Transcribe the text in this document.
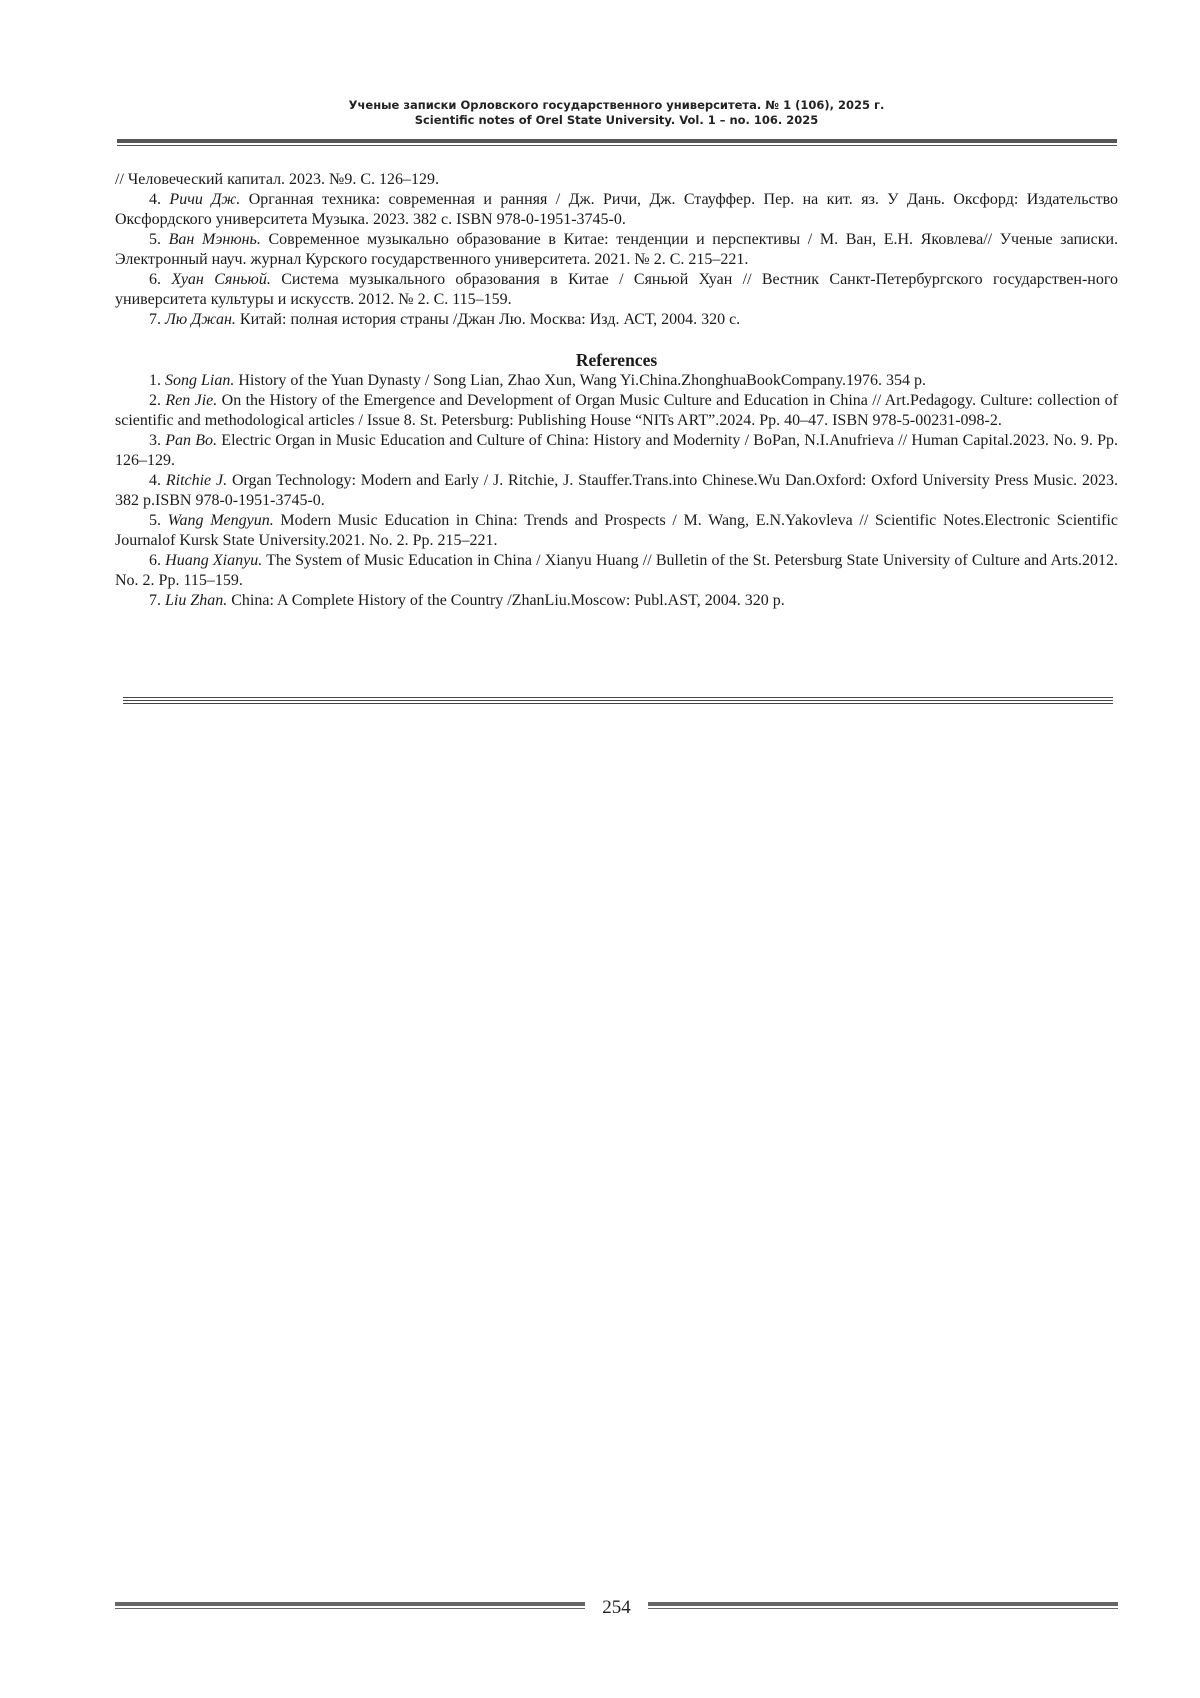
Ученые записки Орловского государственного университета. № 1 (106), 2025 г.
Scientific notes of Orel State University. Vol. 1 – no. 106. 2025

// Человеческий капитал. 2023. №9. С. 126–129.

4. Ричи Дж. Органная техника: современная и ранняя / Дж. Ричи, Дж. Стауффер. Пер. на кит. яз. У Дань. Оксфорд: Издательство Оксфордского университета Музыка. 2023. 382 с. ISBN 978-0-1951-3745-0.

5. Ван Мэнюнь. Современное музыкально образование в Китае: тенденции и перспективы / М. Ван, Е.Н. Яковлева// Ученые записки. Электронный науч. журнал Курского государственного университета. 2021. № 2. С. 215–221.

6. Хуан Сяньюй. Система музыкального образования в Китае / Сяньюй Хуан // Вестник Санкт-Петербургского государствен-ного университета культуры и искусств. 2012. № 2. С. 115–159.

7. Лю Джан. Китай: полная история страны /Джан Лю. Москва: Изд. АСТ, 2004. 320 с.

References

1. Song Lian. History of the Yuan Dynasty / Song Lian, Zhao Xun, Wang Yi.China.ZhonghuaBookCompany.1976. 354 p.

2. Ren Jie. On the History of the Emergence and Development of Organ Music Culture and Education in China // Art.Pedagogy. Culture: collection of scientific and methodological articles / Issue 8. St. Petersburg: Publishing House “NITs ART”.2024. Pp. 40–47. ISBN 978-5-00231-098-2.

3. Pan Bo. Electric Organ in Music Education and Culture of China: History and Modernity / BoPan, N.I.Anufrieva // Human Capital.2023. No. 9. Pp. 126–129.

4. Ritchie J. Organ Technology: Modern and Early / J. Ritchie, J. Stauffer.Trans.into Chinese.Wu Dan.Oxford: Oxford University Press Music. 2023. 382 p.ISBN 978-0-1951-3745-0.

5. Wang Mengyun. Modern Music Education in China: Trends and Prospects / M. Wang, E.N.Yakovleva // Scientific Notes.Electronic Scientific Journalof Kursk State University.2021. No. 2. Pp. 215–221.

6. Huang Xianyu. The System of Music Education in China / Xianyu Huang // Bulletin of the St. Petersburg State University of Culture and Arts.2012. No. 2. Pp. 115–159.

7. Liu Zhan. China: A Complete History of the Country /ZhanLiu.Moscow: Publ.AST, 2004. 320 p.

254
